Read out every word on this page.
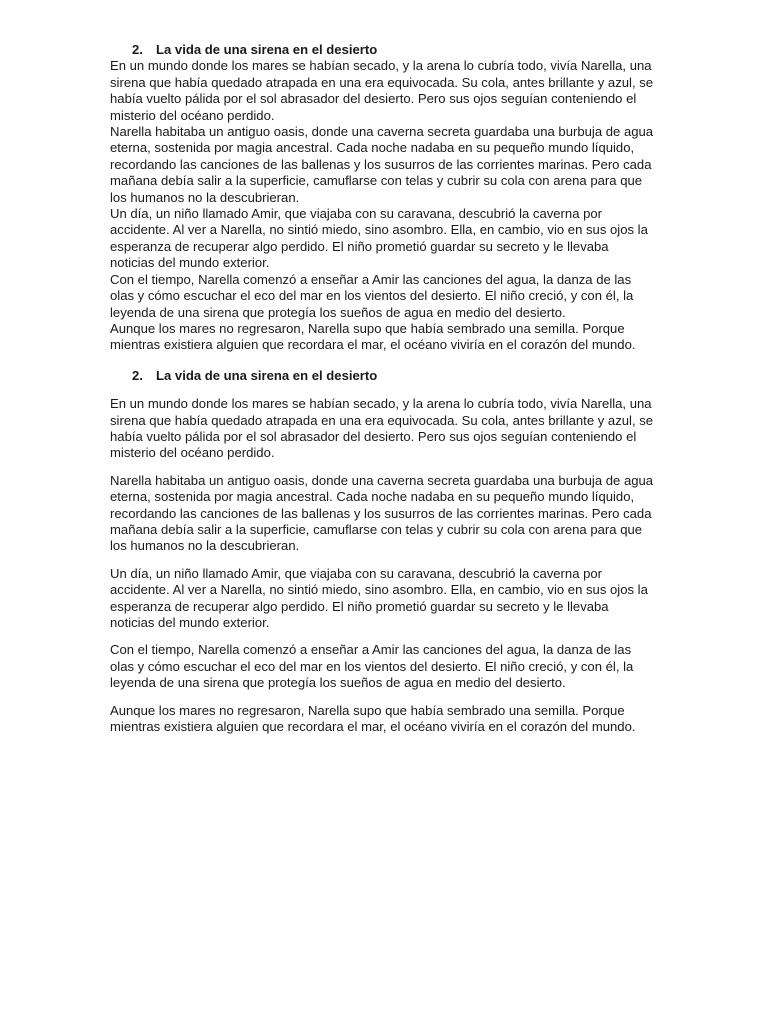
2. La vida de una sirena en el desierto

En un mundo donde los mares se habían secado, y la arena lo cubría todo, vivía Narella, una sirena que había quedado atrapada en una era equivocada. Su cola, antes brillante y azul, se había vuelto pálida por el sol abrasador del desierto. Pero sus ojos seguían conteniendo el misterio del océano perdido.

Narella habitaba un antiguo oasis, donde una caverna secreta guardaba una burbuja de agua eterna, sostenida por magia ancestral. Cada noche nadaba en su pequeño mundo líquido, recordando las canciones de las ballenas y los susurros de las corrientes marinas. Pero cada mañana debía salir a la superficie, camuflarse con telas y cubrir su cola con arena para que los humanos no la descubrieran.

Un día, un niño llamado Amir, que viajaba con su caravana, descubrió la caverna por accidente. Al ver a Narella, no sintió miedo, sino asombro. Ella, en cambio, vio en sus ojos la esperanza de recuperar algo perdido. El niño prometió guardar su secreto y le llevaba noticias del mundo exterior.

Con el tiempo, Narella comenzó a enseñar a Amir las canciones del agua, la danza de las olas y cómo escuchar el eco del mar en los vientos del desierto. El niño creció, y con él, la leyenda de una sirena que protegía los sueños de agua en medio del desierto.

Aunque los mares no regresaron, Narella supo que había sembrado una semilla. Porque mientras existiera alguien que recordara el mar, el océano viviría en el corazón del mundo.

2. La vida de una sirena en el desierto

En un mundo donde los mares se habían secado, y la arena lo cubría todo, vivía Narella, una sirena que había quedado atrapada en una era equivocada. Su cola, antes brillante y azul, se había vuelto pálida por el sol abrasador del desierto. Pero sus ojos seguían conteniendo el misterio del océano perdido.

Narella habitaba un antiguo oasis, donde una caverna secreta guardaba una burbuja de agua eterna, sostenida por magia ancestral. Cada noche nadaba en su pequeño mundo líquido, recordando las canciones de las ballenas y los susurros de las corrientes marinas. Pero cada mañana debía salir a la superficie, camuflarse con telas y cubrir su cola con arena para que los humanos no la descubrieran.

Un día, un niño llamado Amir, que viajaba con su caravana, descubrió la caverna por accidente. Al ver a Narella, no sintió miedo, sino asombro. Ella, en cambio, vio en sus ojos la esperanza de recuperar algo perdido. El niño prometió guardar su secreto y le llevaba noticias del mundo exterior.

Con el tiempo, Narella comenzó a enseñar a Amir las canciones del agua, la danza de las olas y cómo escuchar el eco del mar en los vientos del desierto. El niño creció, y con él, la leyenda de una sirena que protegía los sueños de agua en medio del desierto.

Aunque los mares no regresaron, Narella supo que había sembrado una semilla. Porque mientras existiera alguien que recordara el mar, el océano viviría en el corazón del mundo.
